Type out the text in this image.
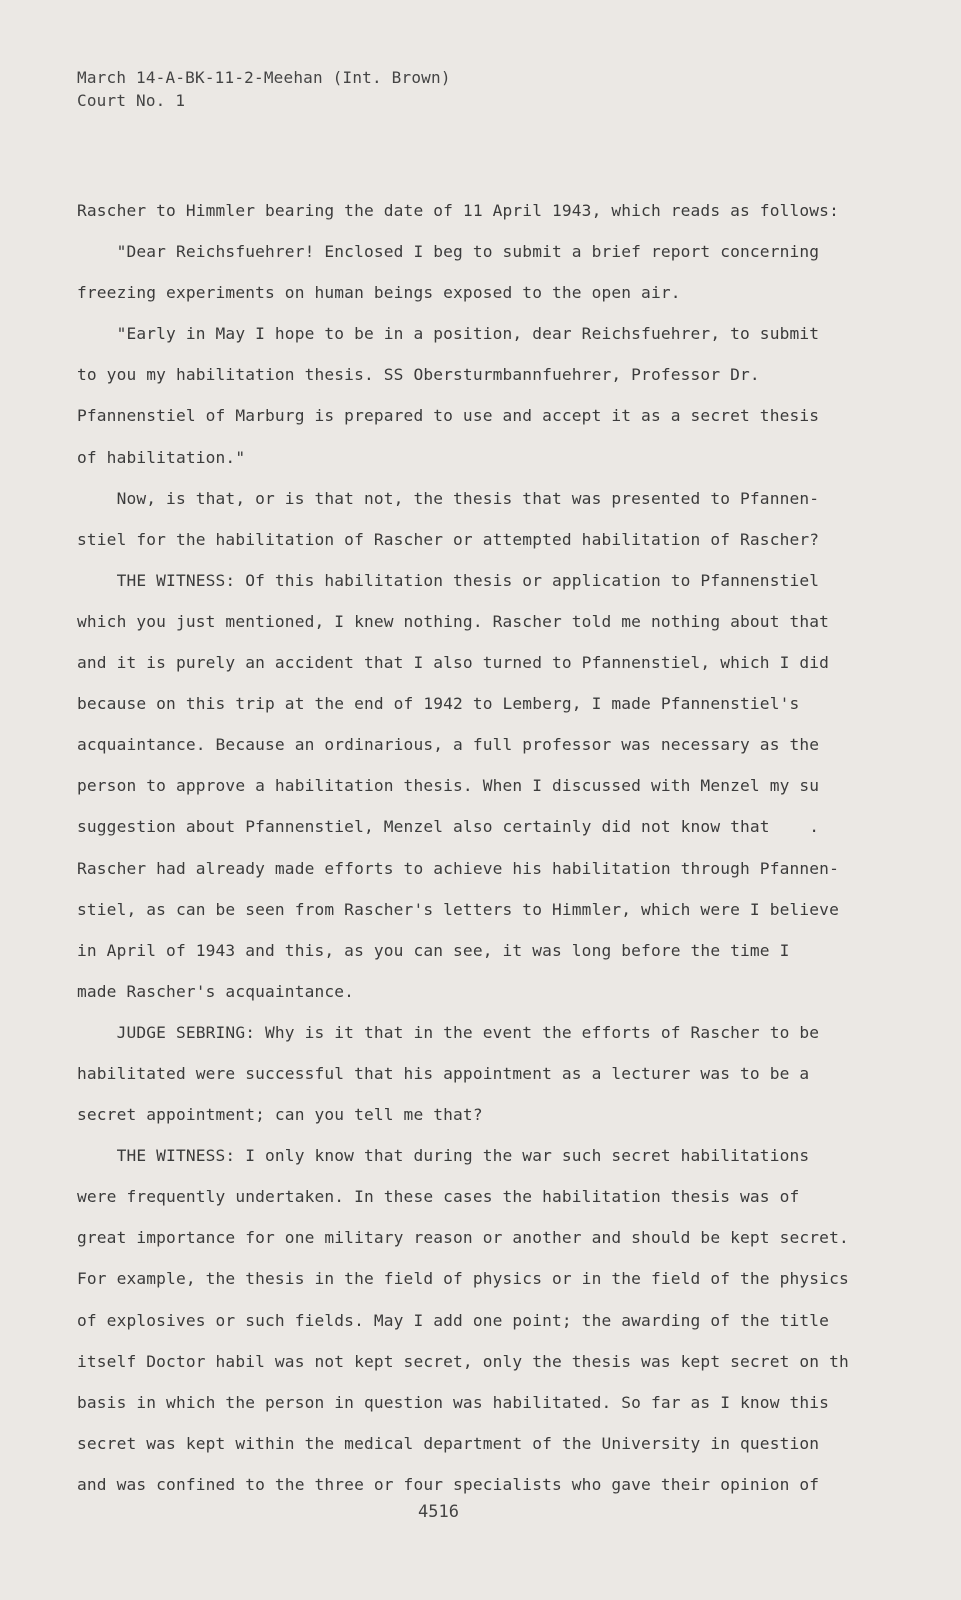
March 14-A-BK-11-2-Meehan (Int. Brown)
Court No. 1
Rascher to Himmler bearing the date of 11 April 1943, which reads as follows:
"Dear Reichsfuehrer! Enclosed I beg to submit a brief report concerning
freezing experiments on human beings exposed to the open air.
"Early in May I hope to be in a position, dear Reichsfuehrer, to submit
to you my habilitation thesis. SS Obersturmbannfuehrer, Professor Dr.
Pfannenstiel of Marburg is prepared to use and accept it as a secret thesis
of habilitation."
Now, is that, or is that not, the thesis that was presented to Pfannen-
stiel for the habilitation of Rascher or attempted habilitation of Rascher?
THE WITNESS: Of this habilitation thesis or application to Pfannenstiel
which you just mentioned, I knew nothing. Rascher told me nothing about that
and it is purely an accident that I also turned to Pfannenstiel, which I did
because on this trip at the end of 1942 to Lemberg, I made Pfannenstiel's
acquaintance. Because an ordinarious, a full professor was necessary as the
person to approve a habilitation thesis. When I discussed with Menzel my su
suggestion about Pfannenstiel, Menzel also certainly did not know that    .
Rascher had already made efforts to achieve his habilitation through Pfannen-
stiel, as can be seen from Rascher's letters to Himmler, which were I believe
in April of 1943 and this, as you can see, it was long before the time I
made Rascher's acquaintance.
JUDGE SEBRING: Why is it that in the event the efforts of Rascher to be
habilitated were successful that his appointment as a lecturer was to be a
secret appointment; can you tell me that?
THE WITNESS: I only know that during the war such secret habilitations
were frequently undertaken. In these cases the habilitation thesis was of
great importance for one military reason or another and should be kept secret.
For example, the thesis in the field of physics or in the field of the physics
of explosives or such fields. May I add one point; the awarding of the title
itself Doctor habil was not kept secret, only the thesis was kept secret on th
basis in which the person in question was habilitated. So far as I know this
secret was kept within the medical department of the University in question
and was confined to the three or four specialists who gave their opinion of
4516
